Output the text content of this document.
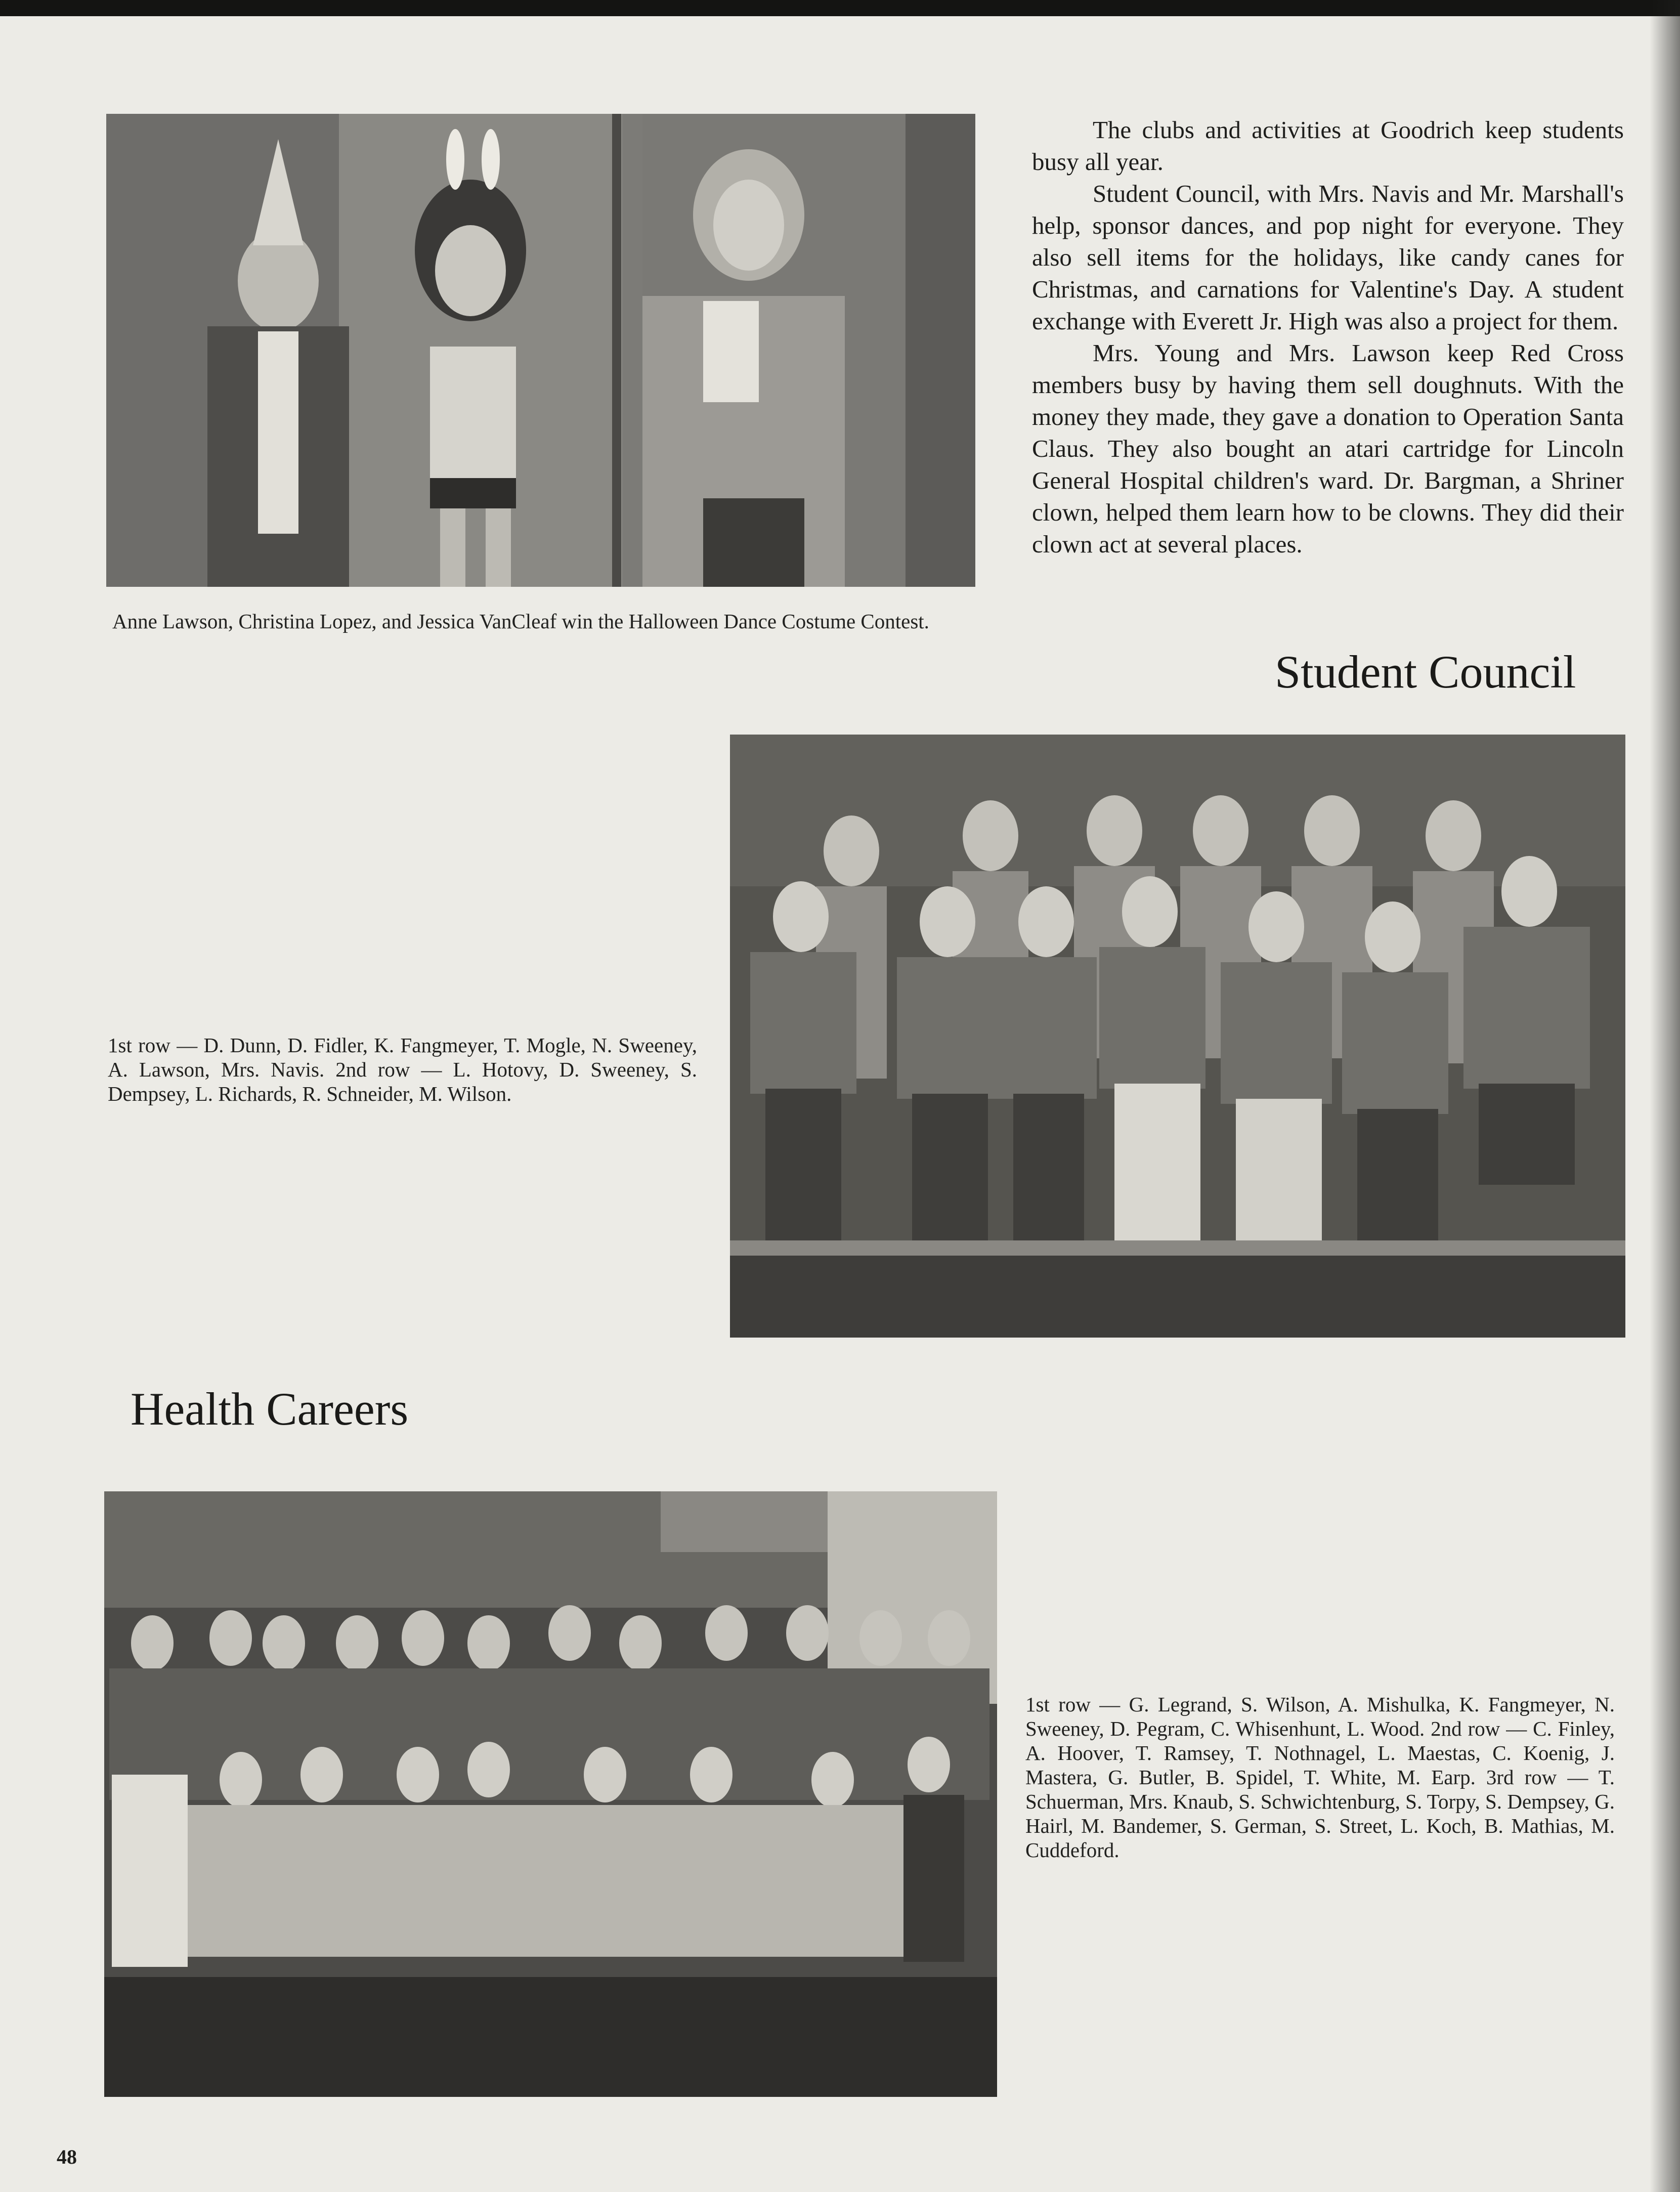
Anne Lawson, Christina Lopez, and Jessica VanCleaf win the Halloween Dance Costume Contest.

The clubs and activities at Goodrich keep students busy all year.

Student Council, with Mrs. Navis and Mr. Marshall's help, sponsor dances, and pop night for everyone. They also sell items for the holidays, like candy canes for Christmas, and carnations for Valentine's Day. A student exchange with Everett Jr. High was also a project for them.

Mrs. Young and Mrs. Lawson keep Red Cross members busy by having them sell doughnuts. With the money they made, they gave a donation to Operation Santa Claus. They also bought an atari cartridge for Lincoln General Hospital children's ward. Dr. Bargman, a Shriner clown, helped them learn how to be clowns. They did their clown act at several places.

Student Council
1st row — D. Dunn, D. Fidler, K. Fangmeyer, T. Mogle, N. Sweeney, A. Lawson, Mrs. Navis. 2nd row — L. Hotovy, D. Sweeney, S. Dempsey, L. Richards, R. Schneider, M. Wilson.
Health Careers
1st row — G. Legrand, S. Wilson, A. Mishulka, K. Fangmeyer, N. Sweeney, D. Pegram, C. Whisenhunt, L. Wood. 2nd row — C. Finley, A. Hoover, T. Ramsey, T. Nothnagel, L. Maestas, C. Koenig, J. Mastera, G. Butler, B. Spidel, T. White, M. Earp. 3rd row — T. Schuerman, Mrs. Knaub, S. Schwichtenburg, S. Torpy, S. Dempsey, G. Hairl, M. Bandemer, S. German, S. Street, L. Koch, B. Mathias, M. Cuddeford.
48
